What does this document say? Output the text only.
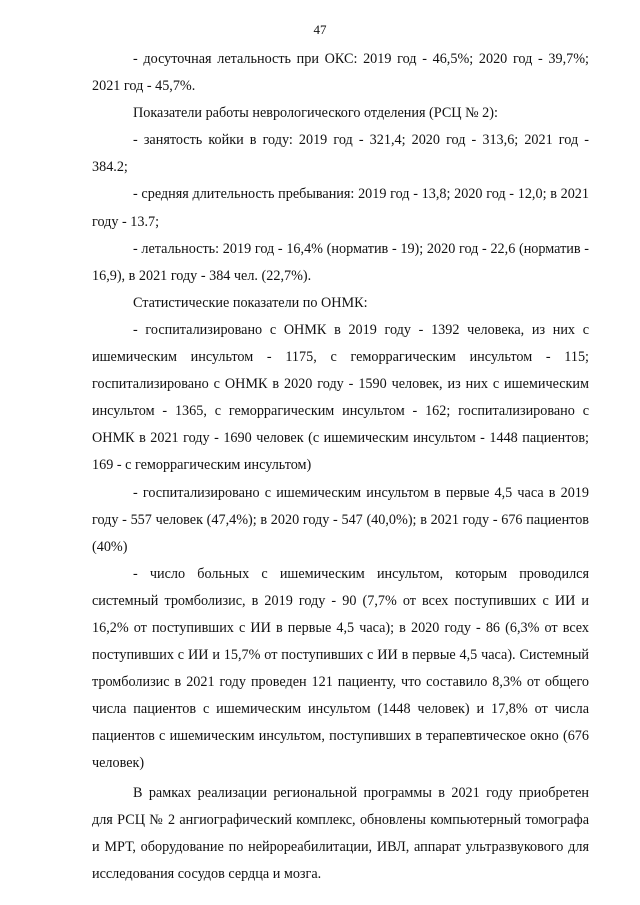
47

- досуточная летальность при ОКС: 2019 год - 46,5%; 2020 год - 39,7%; 2021 год - 45,7%.

Показатели работы неврологического отделения (РСЦ № 2):

- занятость койки в году: 2019 год - 321,4; 2020 год - 313,6; 2021 год - 384.2;

- средняя длительность пребывания: 2019 год - 13,8; 2020 год - 12,0; в 2021 году - 13.7;

- летальность: 2019 год - 16,4% (норматив - 19); 2020 год - 22,6 (норматив - 16,9), в 2021 году - 384 чел. (22,7%).

Статистические показатели по ОНМК:

- госпитализировано с ОНМК в 2019 году - 1392 человека, из них с ишемическим инсультом - 1175, с геморрагическим инсультом - 115; госпитализировано с ОНМК в 2020 году - 1590 человек, из них с ишемическим инсультом - 1365, с геморрагическим инсультом - 162; госпитализировано с ОНМК в 2021 году - 1690 человек (с ишемическим инсультом - 1448 пациентов; 169 - с геморрагическим инсультом)

- госпитализировано с ишемическим инсультом в первые 4,5 часа в 2019 году - 557 человек (47,4%); в 2020 году - 547 (40,0%); в 2021 году - 676 пациентов (40%)

- число больных с ишемическим инсультом, которым проводился системный тромболизис, в 2019 году - 90 (7,7% от всех поступивших с ИИ и 16,2% от поступивших с ИИ в первые 4,5 часа); в 2020 году - 86 (6,3% от всех поступивших с ИИ и 15,7% от поступивших с ИИ в первые 4,5 часа). Системный тромболизис в 2021 году проведен 121 пациенту, что составило 8,3% от общего числа пациентов с ишемическим инсультом (1448 человек) и 17,8% от числа пациентов с ишемическим инсультом, поступивших в терапевтическое окно (676 человек)

В рамках реализации региональной программы в 2021 году приобретен для РСЦ № 2 ангиографический комплекс, обновлены компьютерный томографа и МРТ, оборудование по нейрореабилитации, ИВЛ, аппарат ультразвукового для исследования сосудов сердца и мозга.
